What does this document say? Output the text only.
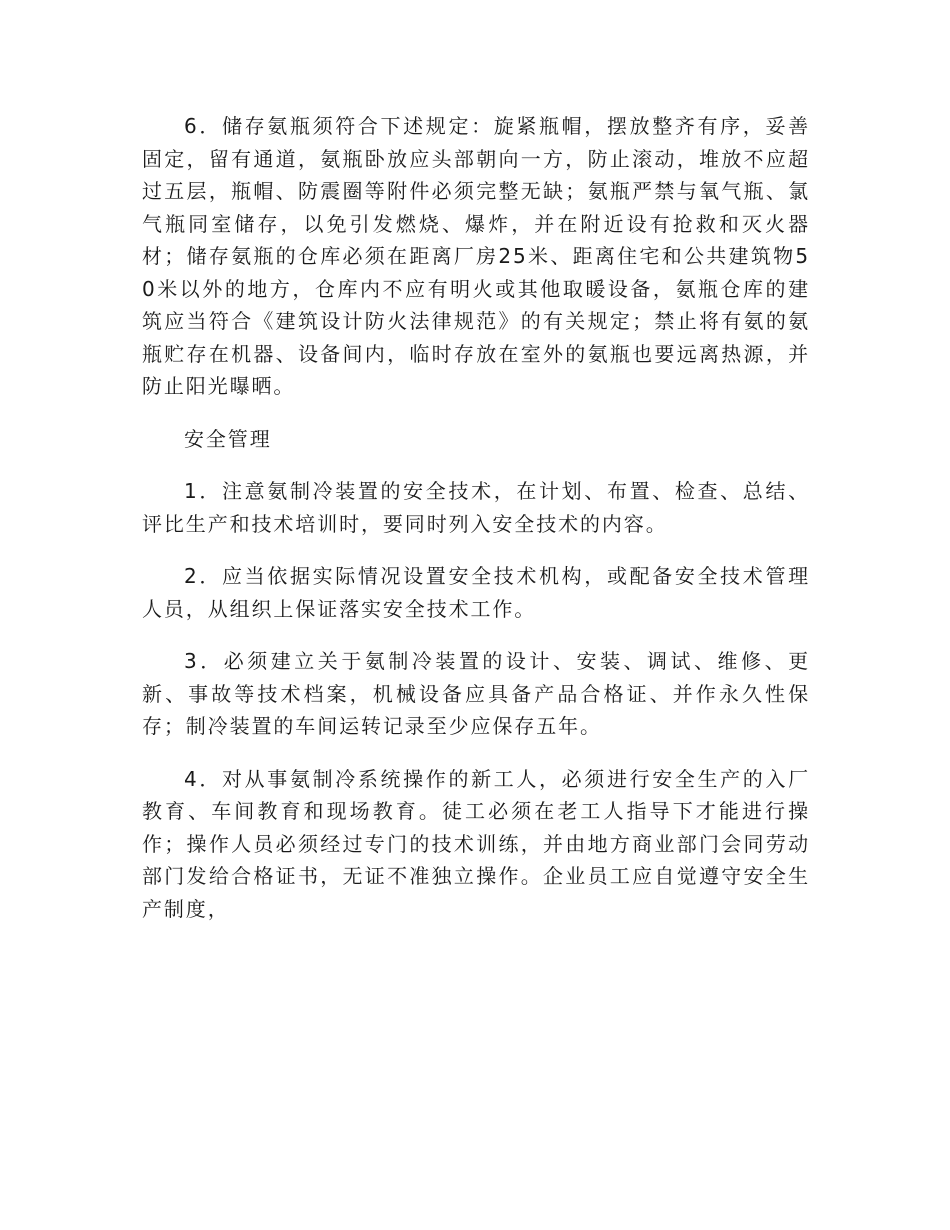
6．储存氨瓶须符合下述规定：旋紧瓶帽，摆放整齐有序，妥善固定，留有通道，氨瓶卧放应头部朝向一方，防止滚动，堆放不应超过五层，瓶帽、防震圈等附件必须完整无缺；氨瓶严禁与氧气瓶、氯气瓶同室储存，以免引发燃烧、爆炸，并在附近设有抢救和灭火器材；储存氨瓶的仓库必须在距离厂房25米、距离住宅和公共建筑物50米以外的地方，仓库内不应有明火或其他取暖设备，氨瓶仓库的建筑应当符合《建筑设计防火法律规范》的有关规定；禁止将有氨的氨瓶贮存在机器、设备间内，临时存放在室外的氨瓶也要远离热源，并防止阳光曝晒。

安全管理

1．注意氨制冷装置的安全技术，在计划、布置、检查、总结、评比生产和技术培训时，要同时列入安全技术的内容。

2．应当依据实际情况设置安全技术机构，或配备安全技术管理人员，从组织上保证落实安全技术工作。

3．必须建立关于氨制冷装置的设计、安装、调试、维修、更新、事故等技术档案，机械设备应具备产品合格证、并作永久性保存；制冷装置的车间运转记录至少应保存五年。

4．对从事氨制冷系统操作的新工人，必须进行安全生产的入厂教育、车间教育和现场教育。徒工必须在老工人指导下才能进行操作；操作人员必须经过专门的技术训练，并由地方商业部门会同劳动部门发给合格证书，无证不准独立操作。企业员工应自觉遵守安全生产制度，
